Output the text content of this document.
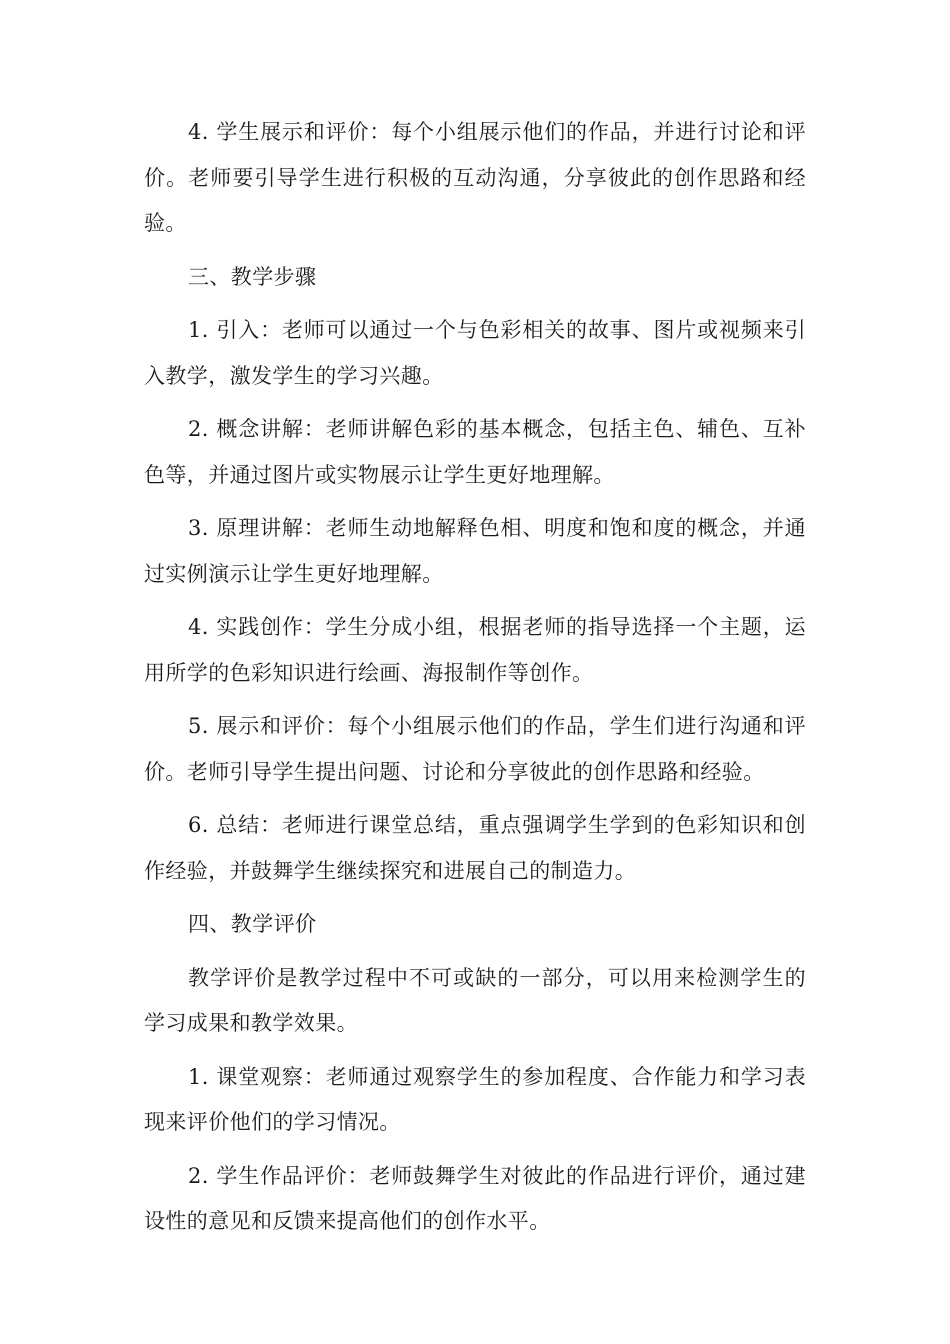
4. 学生展示和评价：每个小组展示他们的作品，并进行讨论和评价。老师要引导学生进行积极的互动沟通，分享彼此的创作思路和经验。

三、教学步骤

1. 引入：老师可以通过一个与色彩相关的故事、图片或视频来引入教学，激发学生的学习兴趣。

2. 概念讲解：老师讲解色彩的基本概念，包括主色、辅色、互补色等，并通过图片或实物展示让学生更好地理解。

3. 原理讲解：老师生动地解释色相、明度和饱和度的概念，并通过实例演示让学生更好地理解。

4. 实践创作：学生分成小组，根据老师的指导选择一个主题，运用所学的色彩知识进行绘画、海报制作等创作。

5. 展示和评价：每个小组展示他们的作品，学生们进行沟通和评价。老师引导学生提出问题、讨论和分享彼此的创作思路和经验。

6. 总结：老师进行课堂总结，重点强调学生学到的色彩知识和创作经验，并鼓舞学生继续探究和进展自己的制造力。

四、教学评价

教学评价是教学过程中不可或缺的一部分，可以用来检测学生的学习成果和教学效果。

1. 课堂观察：老师通过观察学生的参加程度、合作能力和学习表现来评价他们的学习情况。

2. 学生作品评价：老师鼓舞学生对彼此的作品进行评价，通过建设性的意见和反馈来提高他们的创作水平。
